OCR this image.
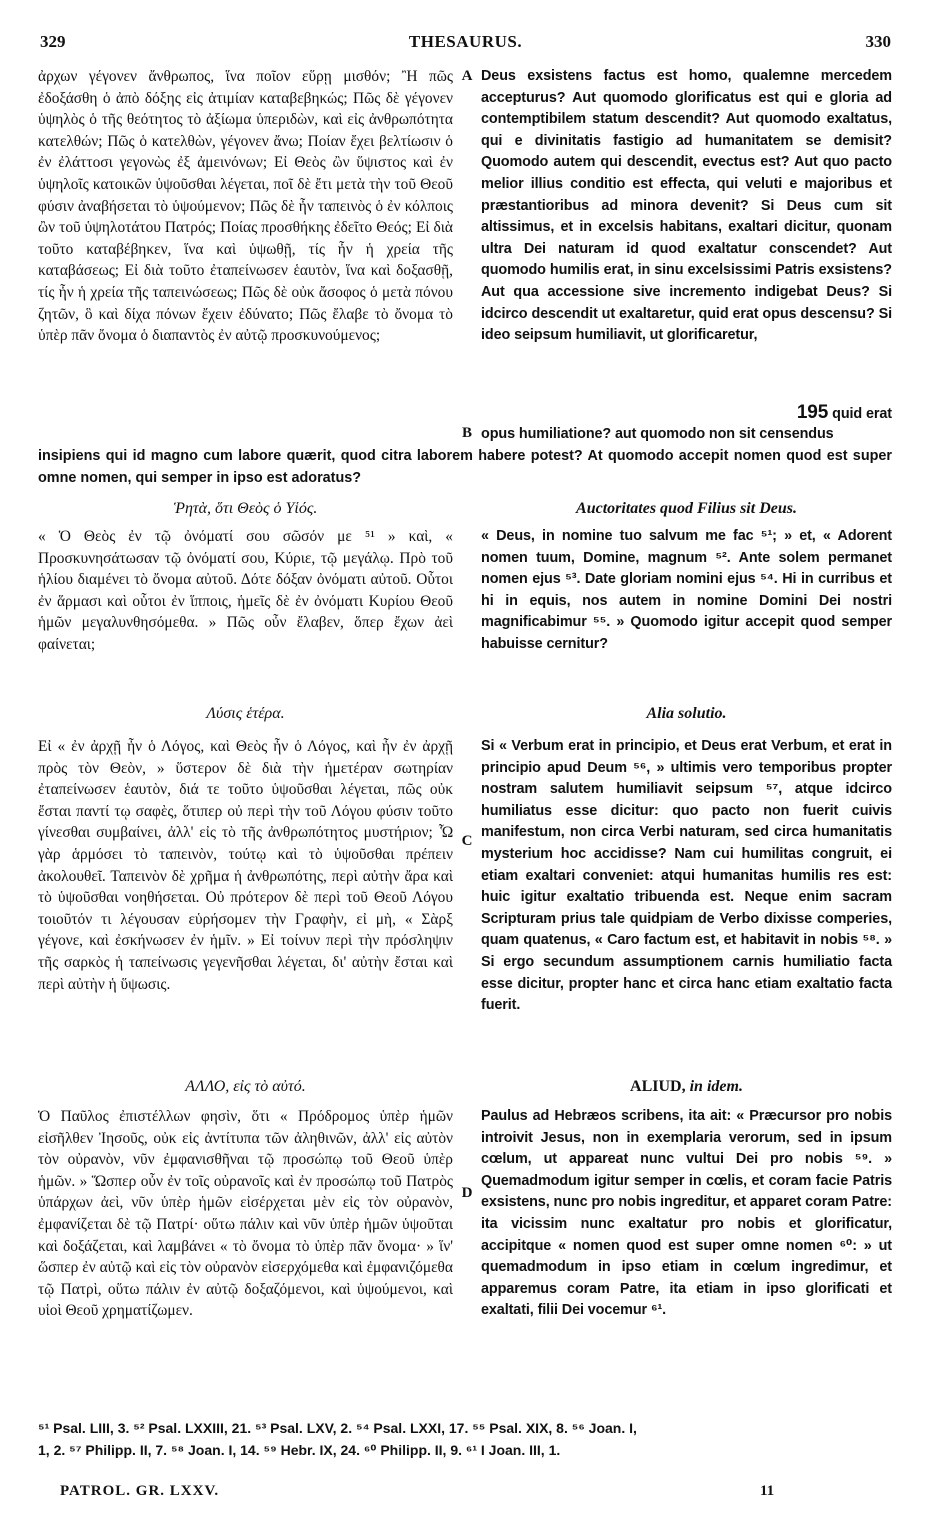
329	THESAURUS.	330

ἀρχων γέγονεν ἄνθρωπος, ἵνα ποῖον εὕρῃ μισθόν; Ἢ πῶς ἐδοξάσθη ὁ ἀπὸ δόξης εἰς ἀτιμίαν καταβεβηκώς; Πῶς δὲ γέγονεν ὑψηλὸς ὁ τῆς θεότητος τὸ ἀξίωμα ὑπεριδὼν, καὶ εἰς ἀνθρωπότητα κατελθών; Πῶς ὁ κατελθὼν, γέγονεν ἄνω; Ποίαν ἔχει βελτίωσιν ὁ ἐν ἐλάττοσι γεγονὼς ἐξ ἀμεινόνων; Εἰ Θεὸς ὢν ὕψιστος καὶ ἐν ὑψηλοῖς κατοικῶν ὑψοῦσθαι λέγεται, ποῖ δὲ ἔτι μετὰ τὴν τοῦ Θεοῦ φύσιν ἀναβήσεται τὸ ὑψούμενον; Πῶς δὲ ἦν ταπεινὸς ὁ ἐν κόλποις ὢν τοῦ ὑψηλοτάτου Πατρός; Ποίας προσθήκης ἐδεῖτο Θεός; Εἰ διὰ τοῦτο καταβέβηκεν, ἵνα καὶ ὑψωθῇ, τίς ἦν ἡ χρεία τῆς καταβάσεως; Εἰ διὰ τοῦτο ἐταπείνωσεν ἑαυτὸν, ἵνα καὶ δοξασθῇ, τίς ἦν ἡ χρεία τῆς ταπεινώσεως; Πῶς δὲ οὐκ ἄσοφος ὁ μετὰ πόνου ζητῶν, ὃ καὶ δίχα πόνων ἔχειν ἐδύνατο; Πῶς ἔλαβε τὸ ὄνομα τὸ ὑπὲρ πᾶν ὄνομα ὁ διαπαντὸς ἐν αὐτῷ προσκυνούμενος;

Ῥητὰ, ὅτι Θεὸς ὁ Υἱός.

« Ὁ Θεὸς ἐν τῷ ὀνόματί σου σῶσόν με ⁵¹ » καὶ, « Προσκυνησάτωσαν τῷ ὀνόματί σου, Κύριε, τῷ μεγάλῳ. Πρὸ τοῦ ἡλίου διαμένει τὸ ὄνομα αὐτοῦ. Δότε δόξαν ὀνόματι αὐτοῦ. Οὗτοι ἐν ἅρμασι καὶ οὗτοι ἐν ἵπποις, ἡμεῖς δὲ ἐν ὀνόματι Κυρίου Θεοῦ ἡμῶν μεγαλυνθησόμεθα. » Πῶς οὖν ἔλαβεν, ὅπερ ἔχων ἀεὶ φαίνεται;

Λύσις ἑτέρα.

Εἰ « ἐν ἀρχῇ ἦν ὁ Λόγος, καὶ Θεὸς ἦν ὁ Λόγος, καὶ ἦν ἐν ἀρχῇ πρὸς τὸν Θεὸν, » ὕστερον δὲ διὰ τὴν ἡμετέραν σωτηρίαν ἐταπείνωσεν ἑαυτὸν, διά τε τοῦτο ὑψοῦσθαι λέγεται, πῶς οὐκ ἔσται παντί τῳ σαφὲς, ὅτιπερ οὐ περὶ τὴν τοῦ Λόγου φύσιν τοῦτο γίνεσθαι συμβαίνει, ἀλλ' εἰς τὸ τῆς ἀνθρωπότητος μυστήριον; Ὧ γὰρ ἁρμόσει τὸ ταπεινὸν, τούτῳ καὶ τὸ ὑψοῦσθαι πρέπειν ἀκολουθεῖ. Ταπεινὸν δὲ χρῆμα ἡ ἀνθρωπότης, περὶ αὐτὴν ἄρα καὶ τὸ ὑψοῦσθαι νοηθήσεται. Οὐ πρότερον δὲ περὶ τοῦ Θεοῦ Λόγου τοιοῦτόν τι λέγουσαν εὑρήσομεν τὴν Γραφὴν, εἰ μὴ, « Σὰρξ γέγονε, καὶ ἐσκήνωσεν ἐν ἡμῖν. » Εἰ τοίνυν περὶ τὴν πρόσληψιν τῆς σαρκὸς ἡ ταπείνωσις γεγενῆσθαι λέγεται, δι' αὐτὴν ἔσται καὶ περὶ αὐτὴν ἡ ὕψωσις.

ΑΛΛΟ, εἰς τὸ αὐτό.

Ὁ Παῦλος ἐπιστέλλων φησὶν, ὅτι « Πρόδρομος ὑπὲρ ἡμῶν εἰσῆλθεν Ἰησοῦς, οὐκ εἰς ἀντίτυπα τῶν ἀληθινῶν, ἀλλ' εἰς αὐτὸν τὸν οὐρανὸν, νῦν ἐμφανισθῆναι τῷ προσώπῳ τοῦ Θεοῦ ὑπὲρ ἡμῶν. » Ὥσπερ οὖν ἐν τοῖς οὐρανοῖς καὶ ἐν προσώπῳ τοῦ Πατρὸς ὑπάρχων ἀεὶ, νῦν ὑπὲρ ἡμῶν εἰσέρχεται μὲν εἰς τὸν οὐρανὸν, ἐμφανίζεται δὲ τῷ Πατρί· οὕτω πάλιν καὶ νῦν ὑπὲρ ἡμῶν ὑψοῦται καὶ δοξάζεται, καὶ λαμβάνει « τὸ ὄνομα τὸ ὑπὲρ πᾶν ὄνομα· » ἵν' ὥσπερ ἐν αὐτῷ καὶ εἰς τὸν οὐρανὸν εἰσερχόμεθα καὶ ἐμφανιζόμεθα τῷ Πατρὶ, οὕτω πάλιν ἐν αὐτῷ δοξαζόμενοι, καὶ ὑψούμενοι, καὶ υἱοὶ Θεοῦ χρηματίζωμεν.

Deus exsistens factus est homo, qualemne mercedem accepturus? Aut quomodo glorificatus est qui e gloria ad contemptibilem statum descendit? Aut quomodo exaltatus, qui e divinitatis fastigio ad humanitatem se demisit? Quomodo autem qui descendit, evectus est? Aut quo pacto melior illius conditio est effecta, qui veluti e majoribus et præstantioribus ad minora devenit? Si Deus cum sit altissimus, et in excelsis habitans, exaltari dicitur, quonam ultra Dei naturam id quod exaltatur conscendet? Aut quomodo humilis erat, in sinu excelsissimi Patris exsistens? Aut qua accessione sive incremento indigebat Deus? Si idcirco descendit ut exaltaretur, quid erat opus descensu? Si ideo seipsum humiliavit, ut glorificaretur,

195 quid erat

opus humiliatione? aut quomodo non sit censendus

insipiens qui id magno cum labore quærit, quod citra laborem habere potest? At quomodo accepit nomen quod est super omne nomen, qui semper in ipso est adoratus?

Auctoritates quod Filius sit Deus.

« Deus, in nomine tuo salvum me fac ⁵¹; » et, « Adorent nomen tuum, Domine, magnum ⁵². Ante solem permanet nomen ejus ⁵³. Date gloriam nomini ejus ⁵⁴. Hi in curribus et hi in equis, nos autem in nomine Domini Dei nostri magnificabimur ⁵⁵. » Quomodo igitur accepit quod semper habuisse cernitur?

Alia solutio.

Si « Verbum erat in principio, et Deus erat Verbum, et erat in principio apud Deum ⁵⁶, » ultimis vero temporibus propter nostram salutem humiliavit seipsum ⁵⁷, atque idcirco humiliatus esse dicitur: quo pacto non fuerit cuivis manifestum, non circa Verbi naturam, sed circa humanitatis mysterium hoc accidisse? Nam cui humilitas congruit, ei etiam exaltari conveniet: atqui humanitas humilis res est: huic igitur exaltatio tribuenda est. Neque enim sacram Scripturam prius tale quidpiam de Verbo dixisse comperies, quam quatenus, « Caro factum est, et habitavit in nobis ⁵⁸. » Si ergo secundum assumptionem carnis humiliatio facta esse dicitur, propter hanc et circa hanc etiam exaltatio facta fuerit.

ALIUD, in idem.

Paulus ad Hebræos scribens, ita ait: « Præcursor pro nobis introivit Jesus, non in exemplaria verorum, sed in ipsum cœlum, ut appareat nunc vultui Dei pro nobis ⁵⁹. » Quemadmodum igitur semper in cœlis, et coram facie Patris exsistens, nunc pro nobis ingreditur, et apparet coram Patre: ita vicissim nunc exaltatur pro nobis et glorificatur, accipitque « nomen quod est super omne nomen ⁶⁰: » ut quemadmodum in ipso etiam in cœlum ingredimur, et apparemus coram Patre, ita etiam in ipso glorificati et exaltati, filii Dei vocemur ⁶¹.

A
B
C
D
⁵¹ Psal. LIII, 3. ⁵² Psal. LXXIII, 21. ⁵³ Psal. LXV, 2. ⁵⁴ Psal. LXXI, 17. ⁵⁵ Psal. XIX, 8. ⁵⁶ Joan. I,
1, 2. ⁵⁷ Philipp. II, 7. ⁵⁸ Joan. I, 14. ⁵⁹ Hebr. IX, 24. ⁶⁰ Philipp. II, 9. ⁶¹ I Joan. III, 1.
PATROL. GR. LXXV.	11
